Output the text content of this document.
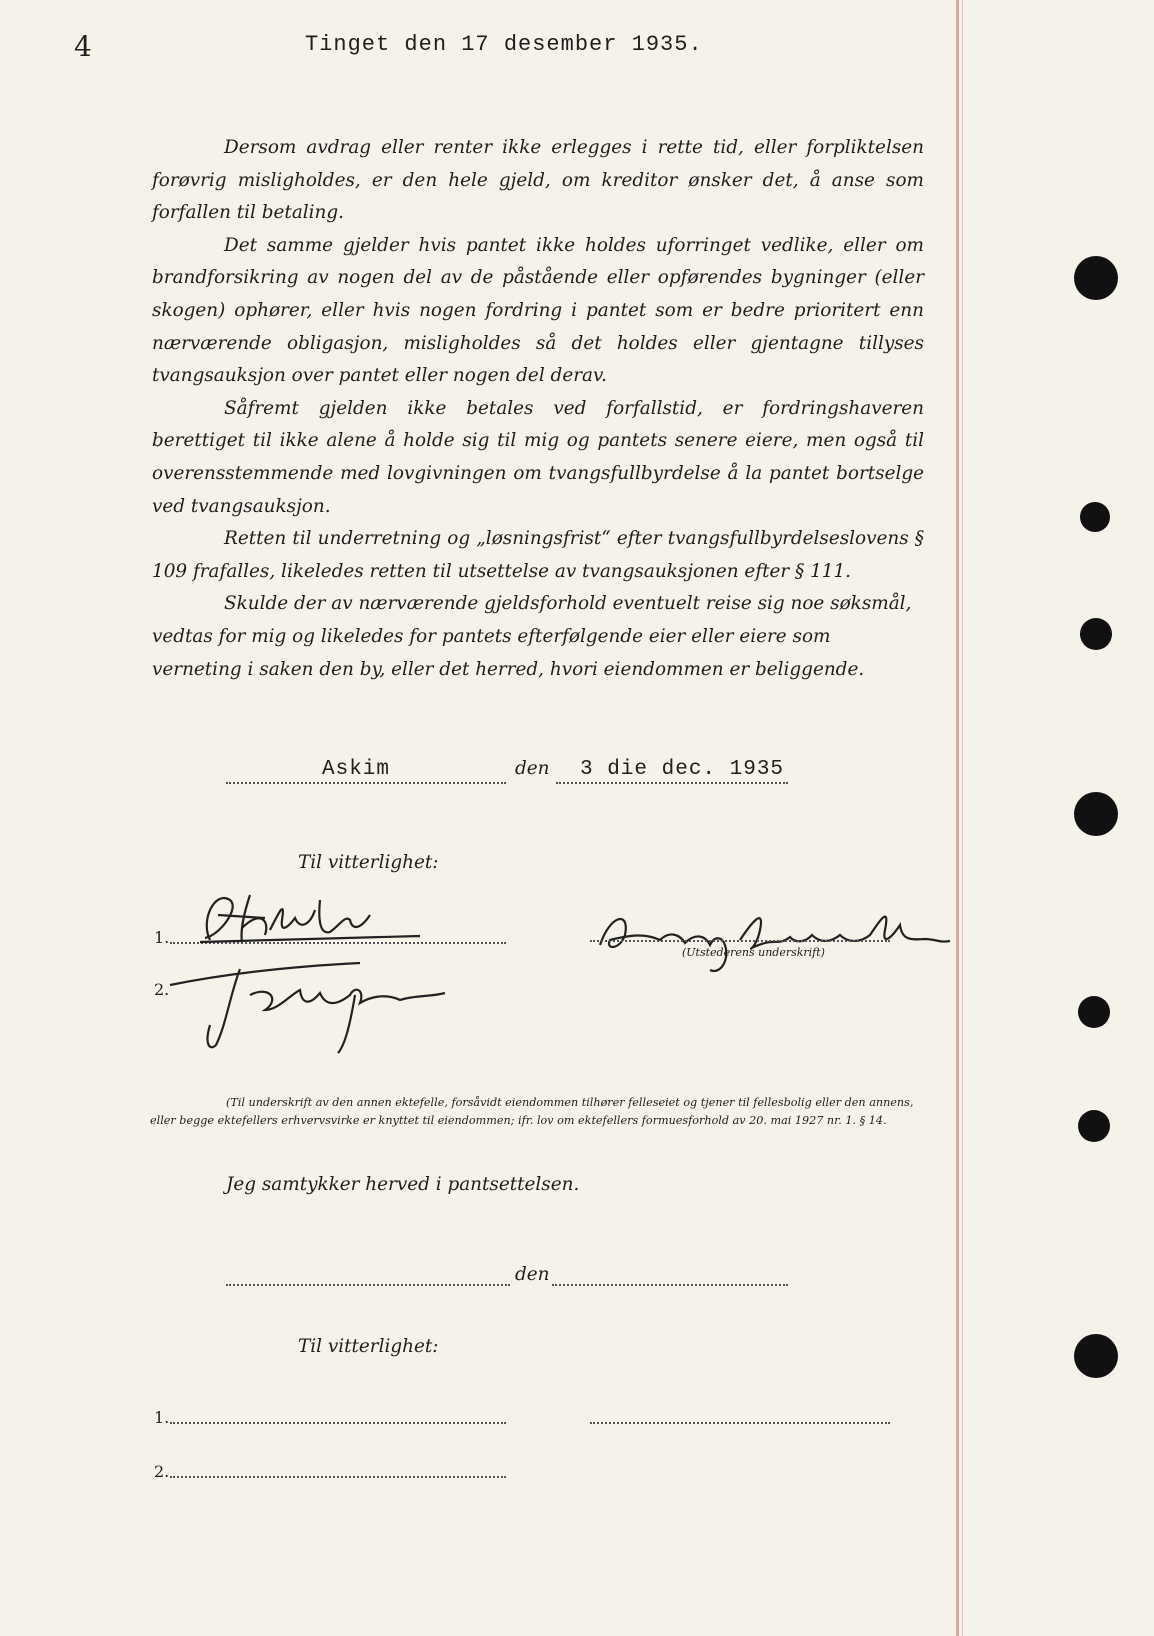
4	Tinget den 17 desember 1935.

Dersom avdrag eller renter ikke erlegges i rette tid, eller forpliktelsen forøvrig misligholdes, er den hele gjeld, om kreditor ønsker det, å anse som forfallen til betaling.

Det samme gjelder hvis pantet ikke holdes uforringet vedlike, eller om brandforsikring av nogen del av de påstående eller opførendes bygninger (eller skogen) ophører, eller hvis nogen fordring i pantet som er bedre prioritert enn nærværende obligasjon, misligholdes så det holdes eller gjentagne tillyses tvangsauksjon over pantet eller nogen del derav.

Såfremt gjelden ikke betales ved forfallstid, er fordringshaveren berettiget til ikke alene å holde sig til mig og pantets senere eiere, men også til overensstemmende med lovgivningen om tvangsfullbyrdelse å la pantet bortselge ved tvangsauksjon.

Retten til underretning og „løsningsfrist“ efter tvangsfullbyrdelseslovens § 109 frafalles, likeledes retten til utsettelse av tvangsauksjonen efter § 111.

Skulde der av nærværende gjeldsforhold eventuelt reise sig noe søksmål, vedtas for mig og likeledes for pantets efterfølgende eier eller eiere som verneting i saken den by, eller det herred, hvori eiendommen er beliggende.

Askim	den 3 die dec. 1935
Til vitterlighet:
1.
2.
(Utstederens underskrift)

(Til underskrift av den annen ektefelle, forsåvidt eiendommen tilhører felleseiet og tjener til fellesbolig eller den annens,

eller begge ektefellers erhvervsvirke er knyttet til eiendommen; ifr. lov om ektefellers formuesforhold av 20. mai 1927 nr. 1. § 14.

Jeg samtykker herved i pantsettelsen.
den
Til vitterlighet:
1.
2.
